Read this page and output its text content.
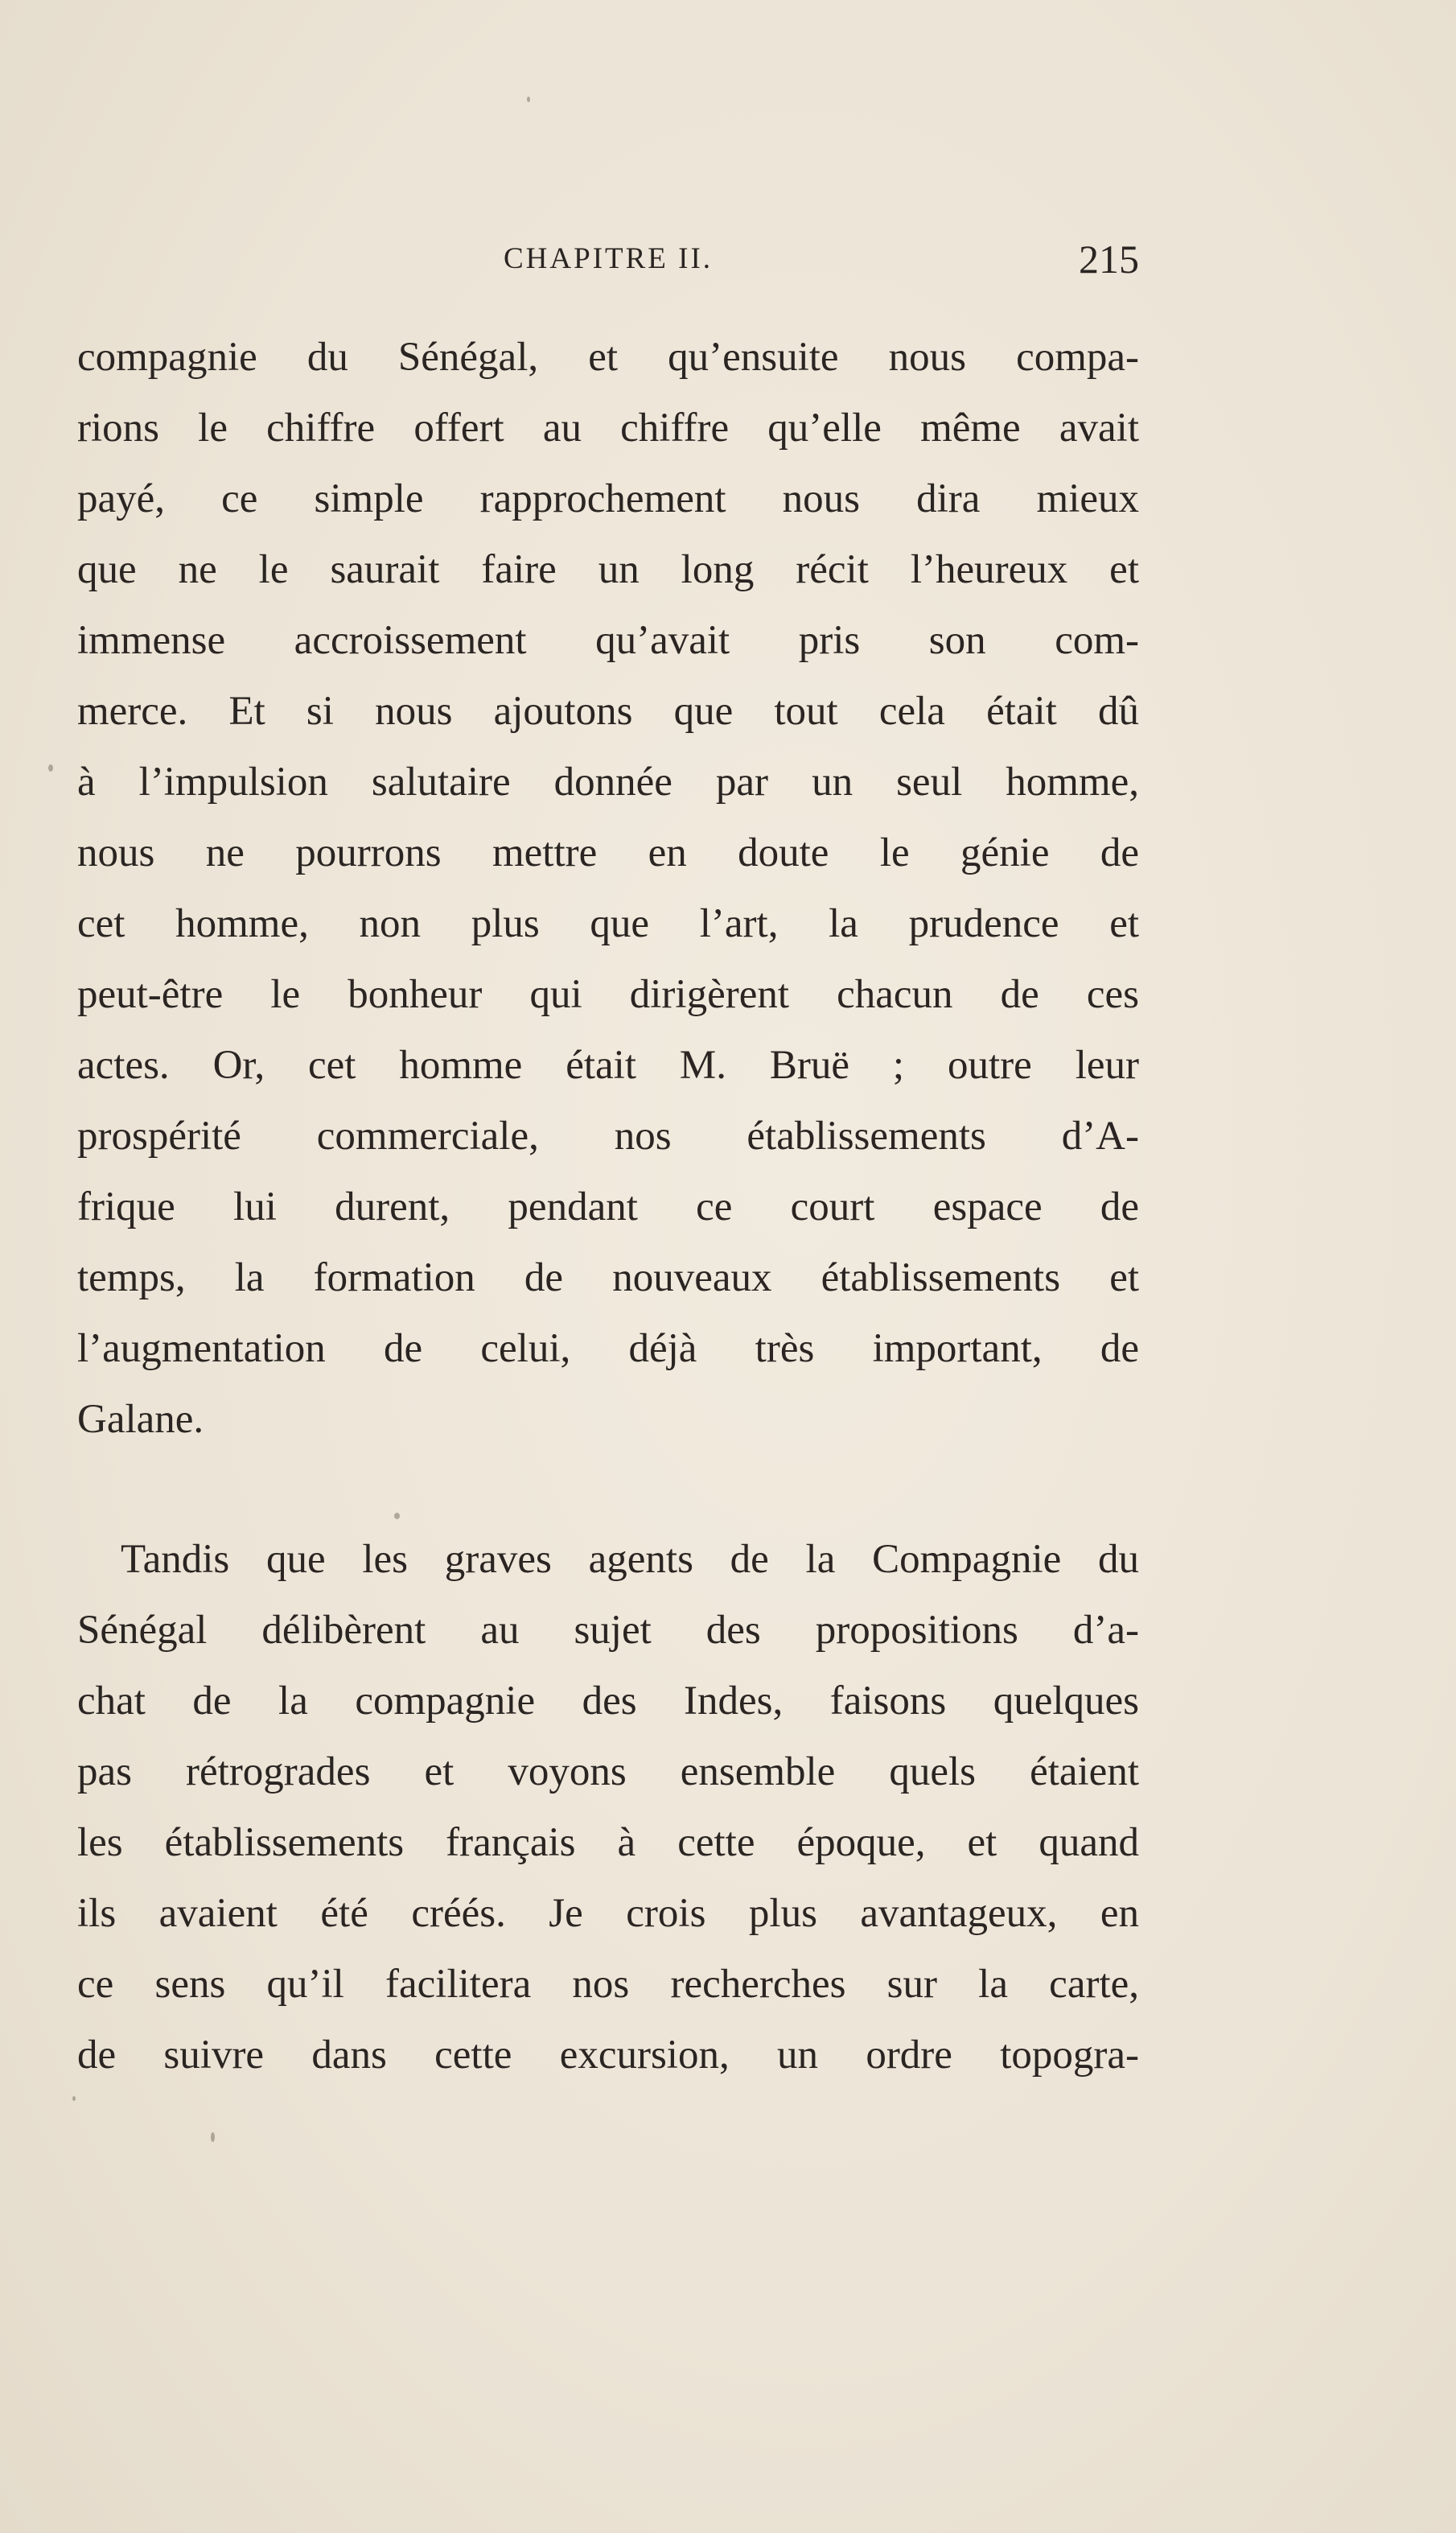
CHAPITRE II.	215
compagnie du Sénégal, et qu’ensuite nous compa-
rions le chiffre offert au chiffre qu’elle même avait
payé, ce simple rapprochement nous dira mieux
que ne le saurait faire un long récit l’heureux et
immense accroissement qu’avait pris son com-
merce. Et si nous ajoutons que tout cela était dû
à l’impulsion salutaire donnée par un seul homme,
nous ne pourrons mettre en doute le génie de
cet homme, non plus que l’art, la prudence et
peut-être le bonheur qui dirigèrent chacun de ces
actes. Or, cet homme était M. Bruë ; outre leur
prospérité commerciale, nos établissements d’A-
frique lui durent, pendant ce court espace de
temps, la formation de nouveaux établissements et
l’augmentation de celui, déjà très important, de
Galane.
Tandis que les graves agents de la Compagnie du
Sénégal délibèrent au sujet des propositions d’a-
chat de la compagnie des Indes, faisons quelques
pas rétrogrades et voyons ensemble quels étaient
les établissements français à cette époque, et quand
ils avaient été créés. Je crois plus avantageux, en
ce sens qu’il facilitera nos recherches sur la carte,
de suivre dans cette excursion, un ordre topogra-
